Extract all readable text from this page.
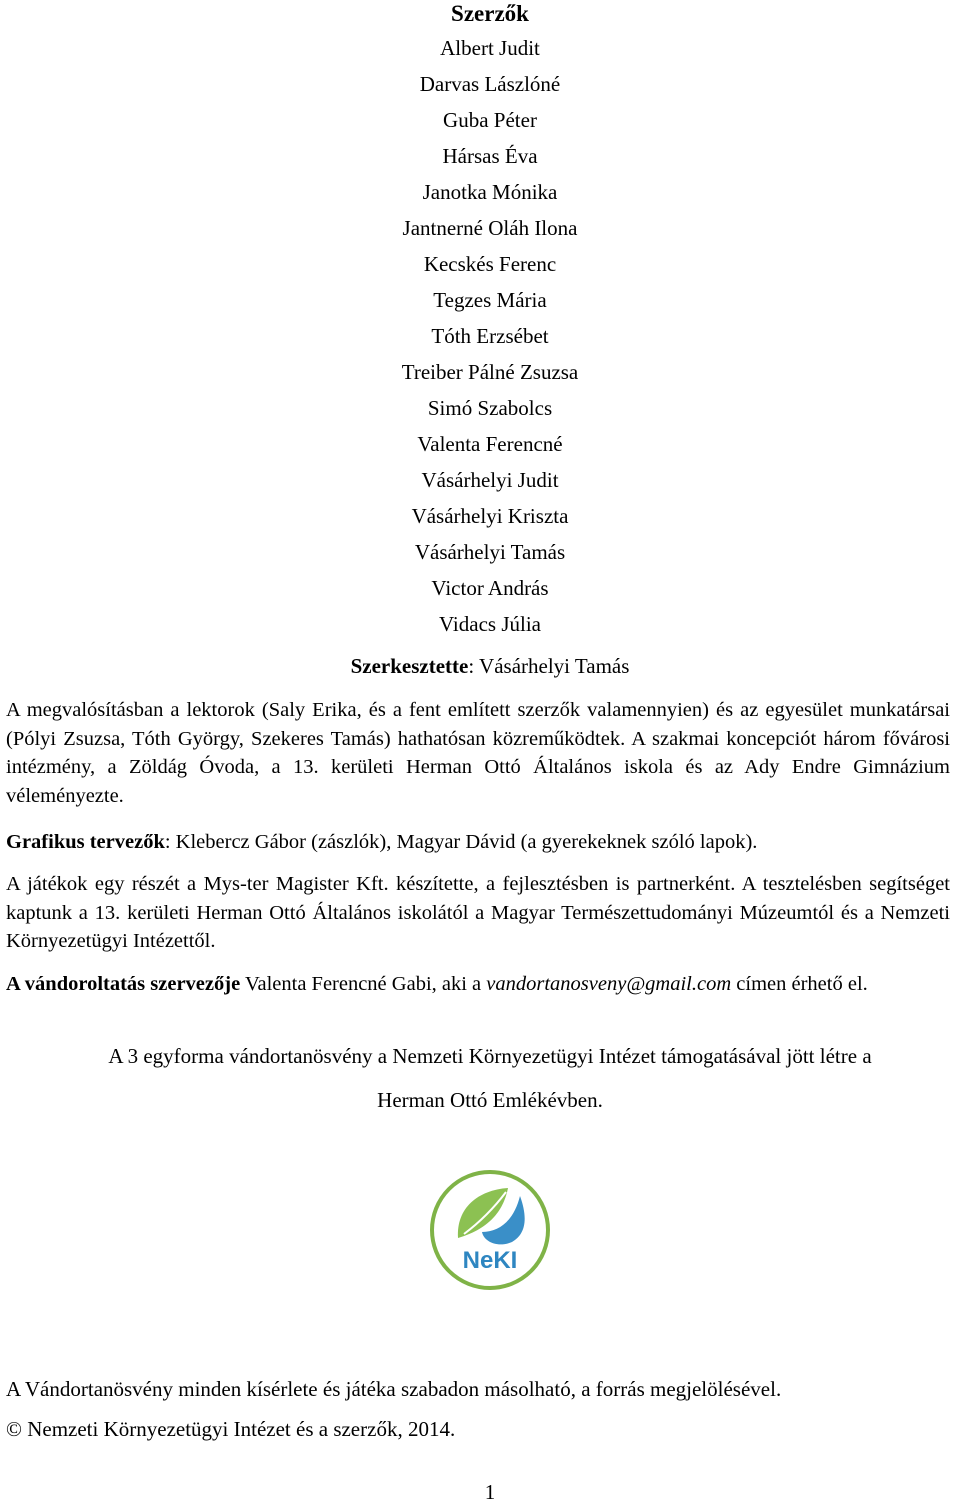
Szerzők
Albert Judit
Darvas Lászlóné
Guba Péter
Hársas Éva
Janotka Mónika
Jantnerné Oláh Ilona
Kecskés Ferenc
Tegzes Mária
Tóth Erzsébet
Treiber Pálné Zsuzsa
Simó Szabolcs
Valenta Ferencné
Vásárhelyi Judit
Vásárhelyi Kriszta
Vásárhelyi Tamás
Victor András
Vidacs Júlia
Szerkesztette: Vásárhelyi Tamás
A megvalósításban a lektorok (Saly Erika, és a fent említett szerzők valamennyien) és az egyesület munkatársai (Pólyi Zsuzsa, Tóth György, Szekeres Tamás) hathatósan közreműködtek. A szakmai koncepciót három fővárosi intézmény, a Zöldág Óvoda, a 13. kerületi Herman Ottó Általános iskola és az Ady Endre Gimnázium véleményezte.
Grafikus tervezők: Klebercz Gábor (zászlók), Magyar Dávid (a gyerekeknek szóló lapok).
A játékok egy részét a Mys-ter Magister Kft. készítette, a fejlesztésben is partnerként. A tesztelésben segítséget kaptunk a 13. kerületi Herman Ottó Általános iskolától a Magyar Természettudományi Múzeumtól és a Nemzeti Környezetügyi Intézettől.
A vándoroltatás szervezője Valenta Ferencné Gabi, aki a vandortanosveny@gmail.com címen érhető el.
A 3 egyforma vándortanösvény a Nemzeti Környezetügyi Intézet támogatásával jött létre a
Herman Ottó Emlékévben.
NeKI
A Vándortanösvény minden kísérlete és játéka szabadon másolható, a forrás megjelölésével.
© Nemzeti Környezetügyi Intézet és a szerzők, 2014.
1
